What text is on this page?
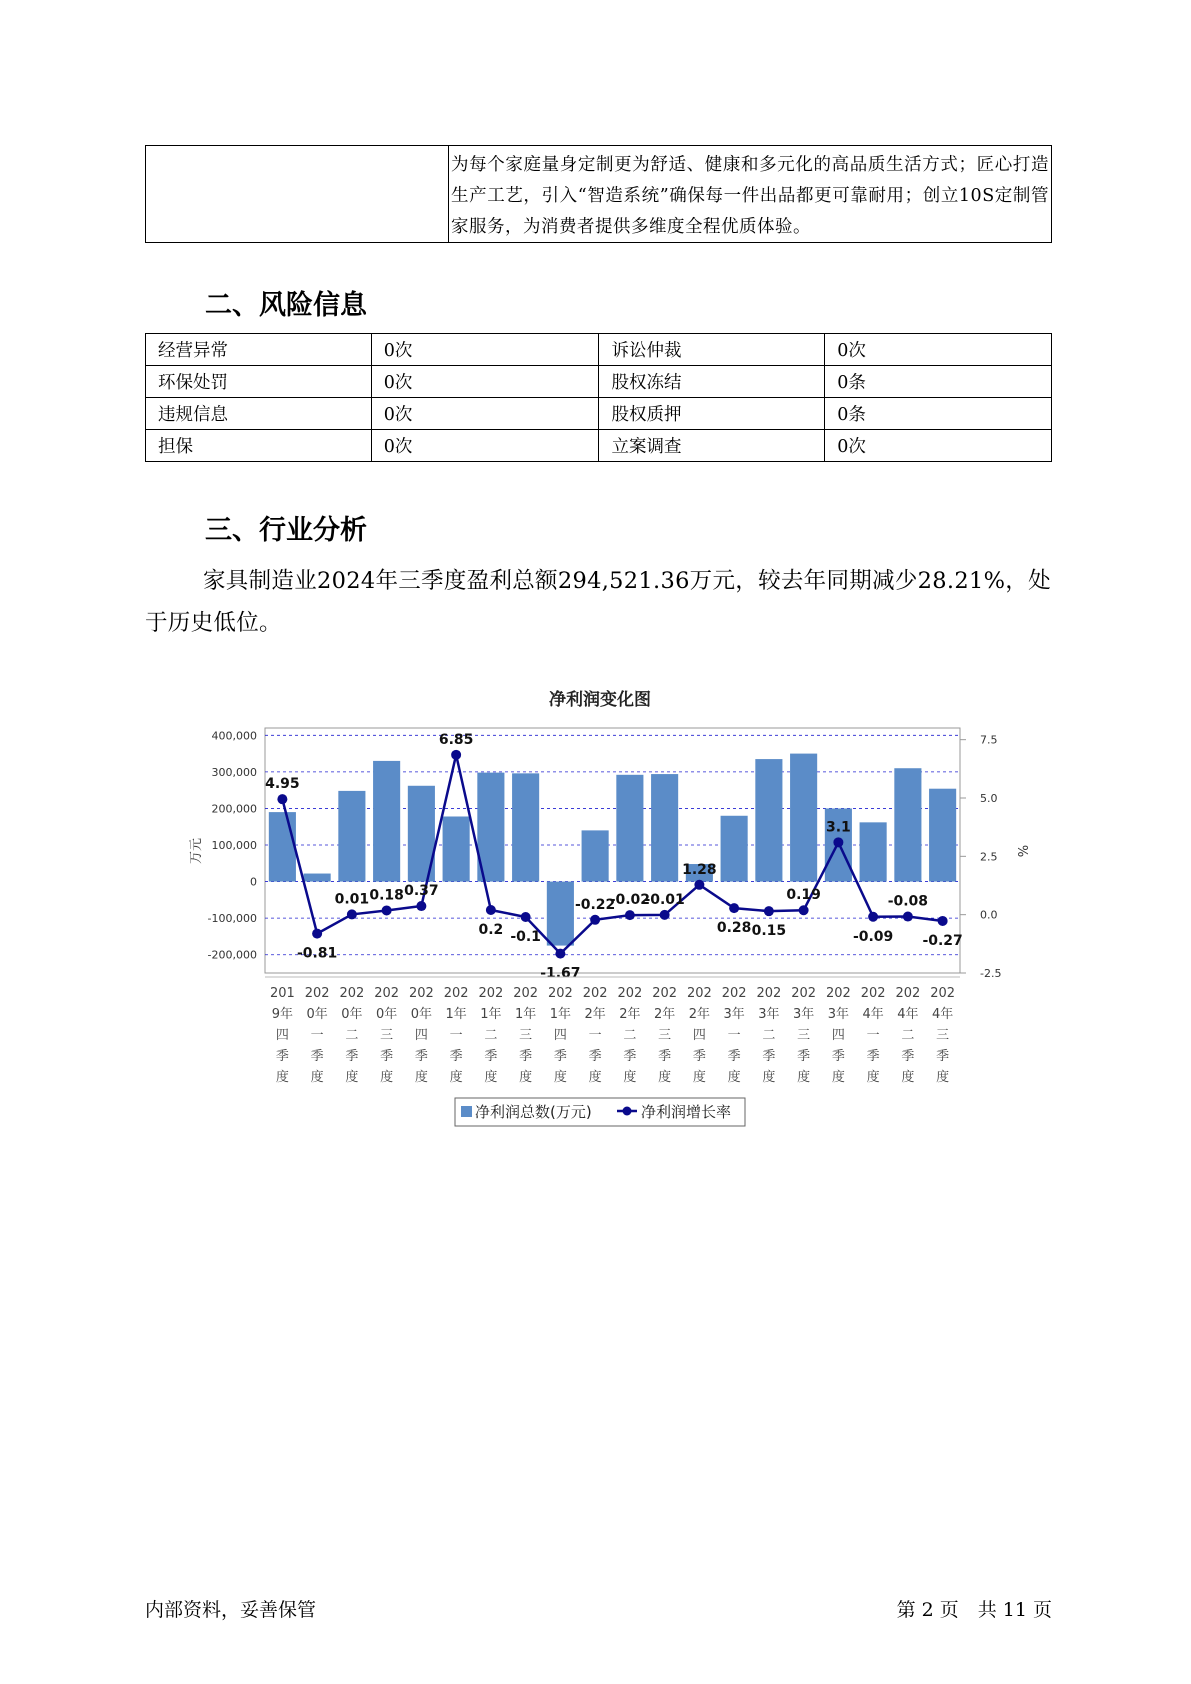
为每个家庭量身定制更为舒适、健康和多元化的高品质生活方式；匠心打造生产工艺，引入“智造系统”确保每一件出品都更可靠耐用；创立10S定制管家服务，为消费者提供多维度全程优质体验。
二、风险信息
经营异常	0次	诉讼仲裁	0次
环保处罚	0次	股权冻结	0条
违规信息	0次	股权质押	0条
担保	0次	立案调查	0次
三、行业分析
家具制造业2024年三季度盈利总额294,521.36万元，较去年同期减少28.21%，处于历史低位。
净利润变化图
400,000
300,000
200,000
100,000
0
-100,000
-200,000
7.5
5.0
2.5
0.0
-2.5
万元	%
4.95
-0.81
0.01 0.18 0.37
6.85
0.2 -0.1
-1.67
-0.22
-0.02
-0.01
1.28
0.28 0.15
0.19
3.1
-0.09
-0.08
-0.27
201 9年四季度
202 0年一季度
202 0年二季度
202 0年三季度
202 0年四季度
202 1年一季度
202 1年二季度
202 1年三季度
202 1年四季度
202 2年一季度
202 2年二季度
202 2年三季度
202 2年四季度
202 3年一季度
202 3年二季度
202 3年三季度
202 3年四季度
202 4年一季度
202 4年二季度
202 4年三季度
净利润总数(万元)	净利润增长率
内部资料，妥善保管	第 2 页　共 11 页
